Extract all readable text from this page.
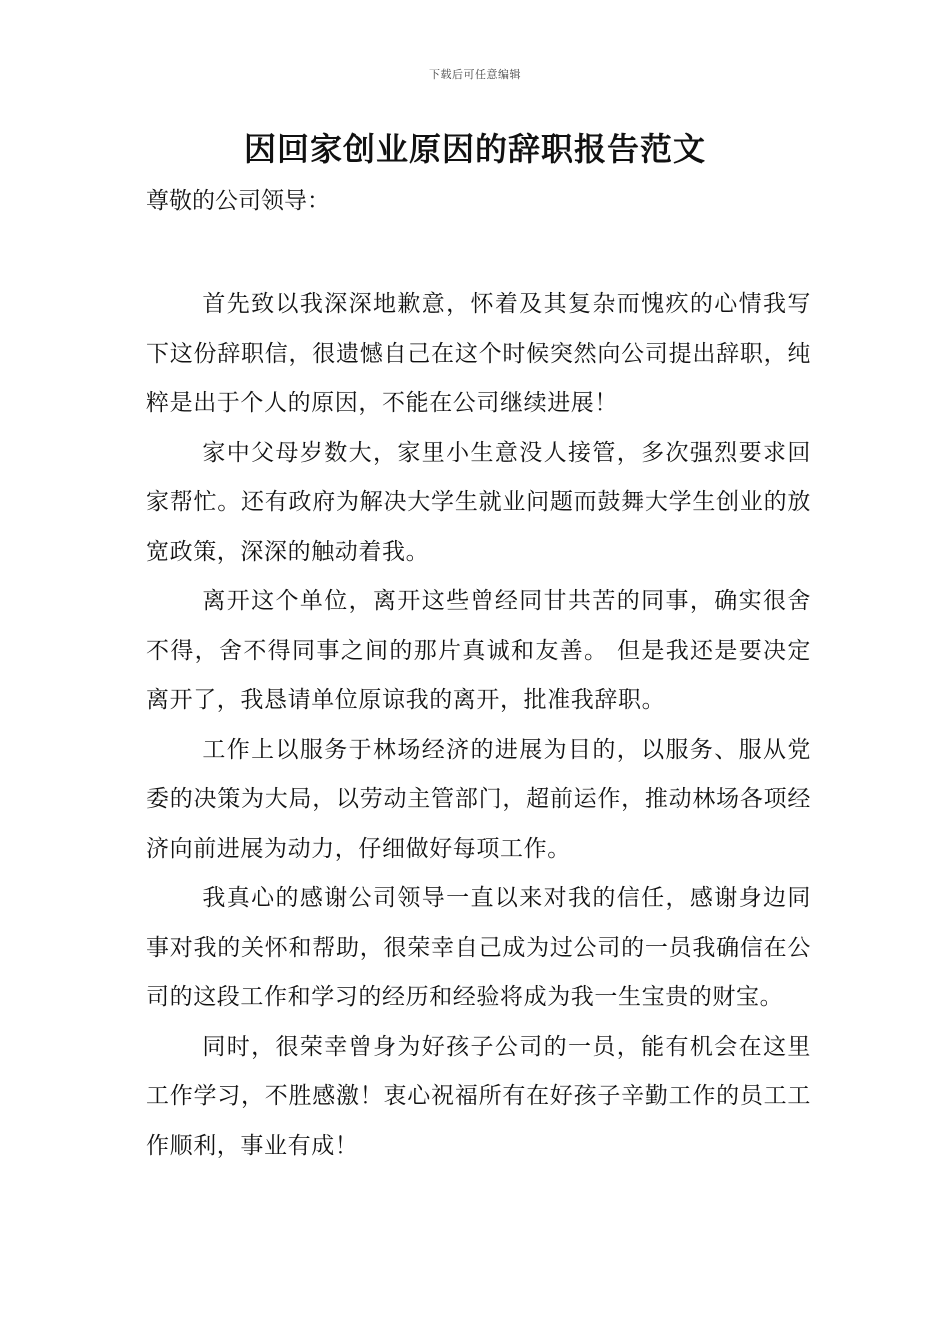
下载后可任意编辑
因回家创业原因的辞职报告范文

尊敬的公司领导：

首先致以我深深地歉意，怀着及其复杂而愧疚的心情我写下这份辞职信，很遗憾自己在这个时候突然向公司提出辞职，纯粹是出于个人的原因，不能在公司继续进展！

家中父母岁数大，家里小生意没人接管，多次强烈要求回家帮忙。还有政府为解决大学生就业问题而鼓舞大学生创业的放宽政策，深深的触动着我。

离开这个单位，离开这些曾经同甘共苦的同事，确实很舍不得，舍不得同事之间的那片真诚和友善。 但是我还是要决定离开了，我恳请单位原谅我的离开，批准我辞职。

工作上以服务于林场经济的进展为目的，以服务、服从党委的决策为大局，以劳动主管部门，超前运作，推动林场各项经济向前进展为动力，仔细做好每项工作。

我真心的感谢公司领导一直以来对我的信任，感谢身边同事对我的关怀和帮助，很荣幸自己成为过公司的一员我确信在公司的这段工作和学习的经历和经验将成为我一生宝贵的财宝。

同时，很荣幸曾身为好孩子公司的一员，能有机会在这里工作学习，不胜感激！衷心祝福所有在好孩子辛勤工作的员工工作顺利，事业有成！
